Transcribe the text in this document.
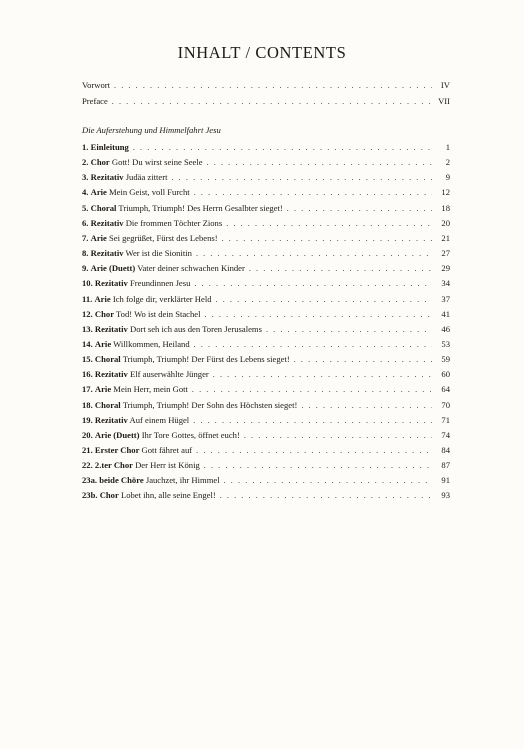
INHALT / CONTENTS
Vorwort . . .	IV
Preface . . .	VII

Die Auferstehung und Himmelfahrt Jesu

1. Einleitung . . .	1
2. Chor Gott! Du wirst seine Seele . . .	2
3. Rezitativ Judäa zittert . . .	9
4. Arie Mein Geist, voll Furcht . . .	12
5. Choral Triumph, Triumph! Des Herrn Gesalbter sieget! . . .	18
6. Rezitativ Die frommen Töchter Zions . . .	20
7. Arie Sei gegrüßet, Fürst des Lebens! . . .	21
8. Rezitativ Wer ist die Sionitin . . .	27
9. Arie (Duett) Vater deiner schwachen Kinder . . .	29
10. Rezitativ Freundinnen Jesu . . .	34
11. Arie Ich folge dir, verklärter Held . . .	37
12. Chor Tod! Wo ist dein Stachel . . .	41
13. Rezitativ Dort seh ich aus den Toren Jerusalems . . .	46
14. Arie Willkommen, Heiland . . .	53
15. Choral Triumph, Triumph! Der Fürst des Lebens sieget! . . .	59
16. Rezitativ Elf auserwählte Jünger . . .	60
17. Arie Mein Herr, mein Gott . . .	64
18. Choral Triumph, Triumph! Der Sohn des Höchsten sieget! . . .	70
19. Rezitativ Auf einem Hügel . . .	71
20. Arie (Duett) Ihr Tore Gottes, öffnet euch! . . .	74
21. Erster Chor Gott fähret auf . . .	84
22. 2.ter Chor Der Herr ist König . . .	87
23a. beide Chöre Jauchzet, ihr Himmel . . .	91
23b. Chor Lobet ihn, alle seine Engel! . . .	93
